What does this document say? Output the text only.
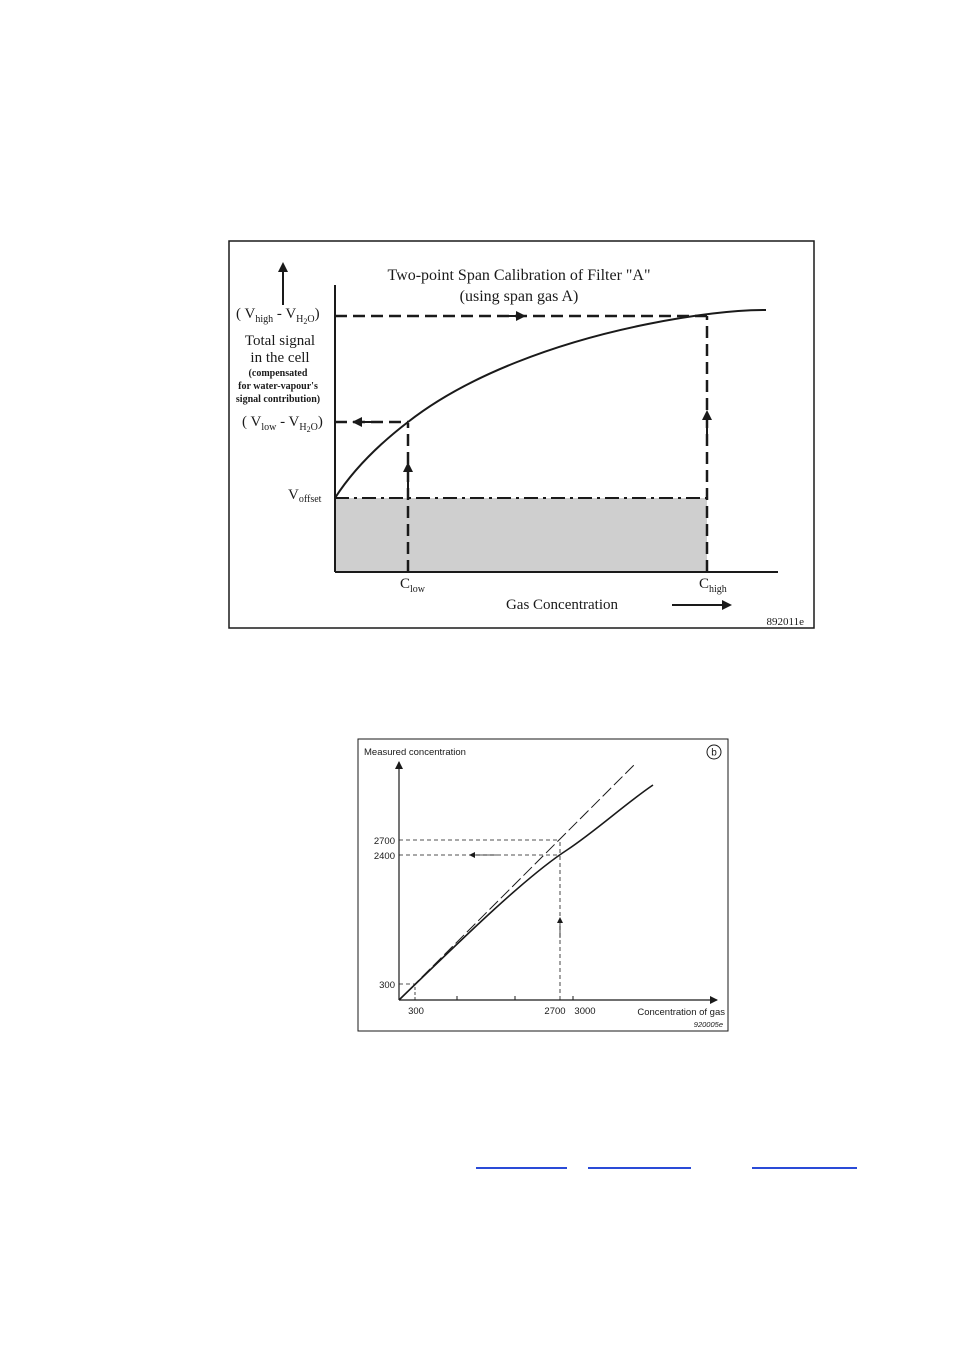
Two-point Span Calibration of Filter "A"
(using span gas A)
( $V_{high} - V_H2O$)
Total signal
in the cell
(compensated
for water-vapour's
signal contribution)
( $V_{low} - V_H2O$)
$V_{offset}$
$C_{low}$	$C_{high}$
Gas Concentration
892011e
Measured concentration	b
2700
2400
300
300	2700 3000	Concentration of gas
920005e
